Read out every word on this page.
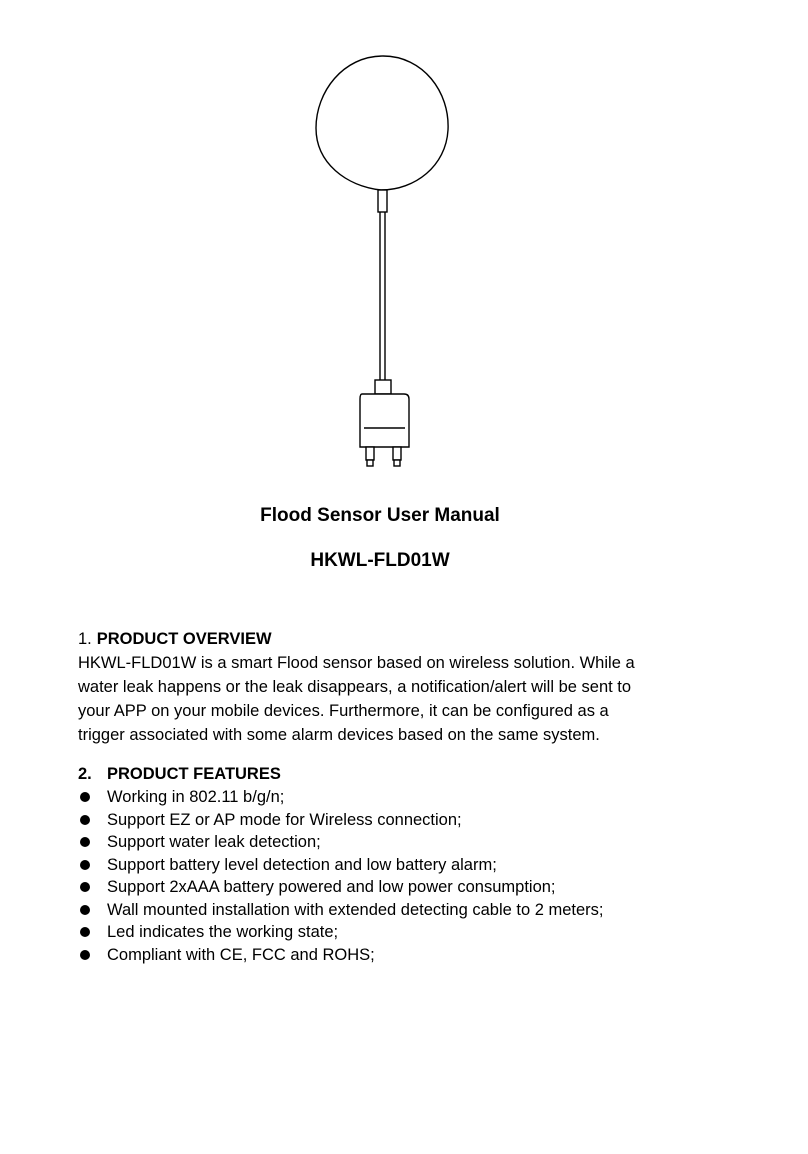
Flood Sensor User Manual
HKWL-FLD01W
1. PRODUCT OVERVIEW
HKWL-FLD01W is a smart Flood sensor based on wireless solution. While a
water leak happens or the leak disappears, a notification/alert will be sent to
your APP on your mobile devices. Furthermore, it can be configured as a
trigger associated with some alarm devices based on the same system.
2. PRODUCT FEATURES
Working in 802.11 b/g/n;
Support EZ or AP mode for Wireless connection;
Support water leak detection;
Support battery level detection and low battery alarm;
Support 2xAAA battery powered and low power consumption;
Wall mounted installation with extended detecting cable to 2 meters;
Led indicates the working state;
Compliant with CE, FCC and ROHS;
